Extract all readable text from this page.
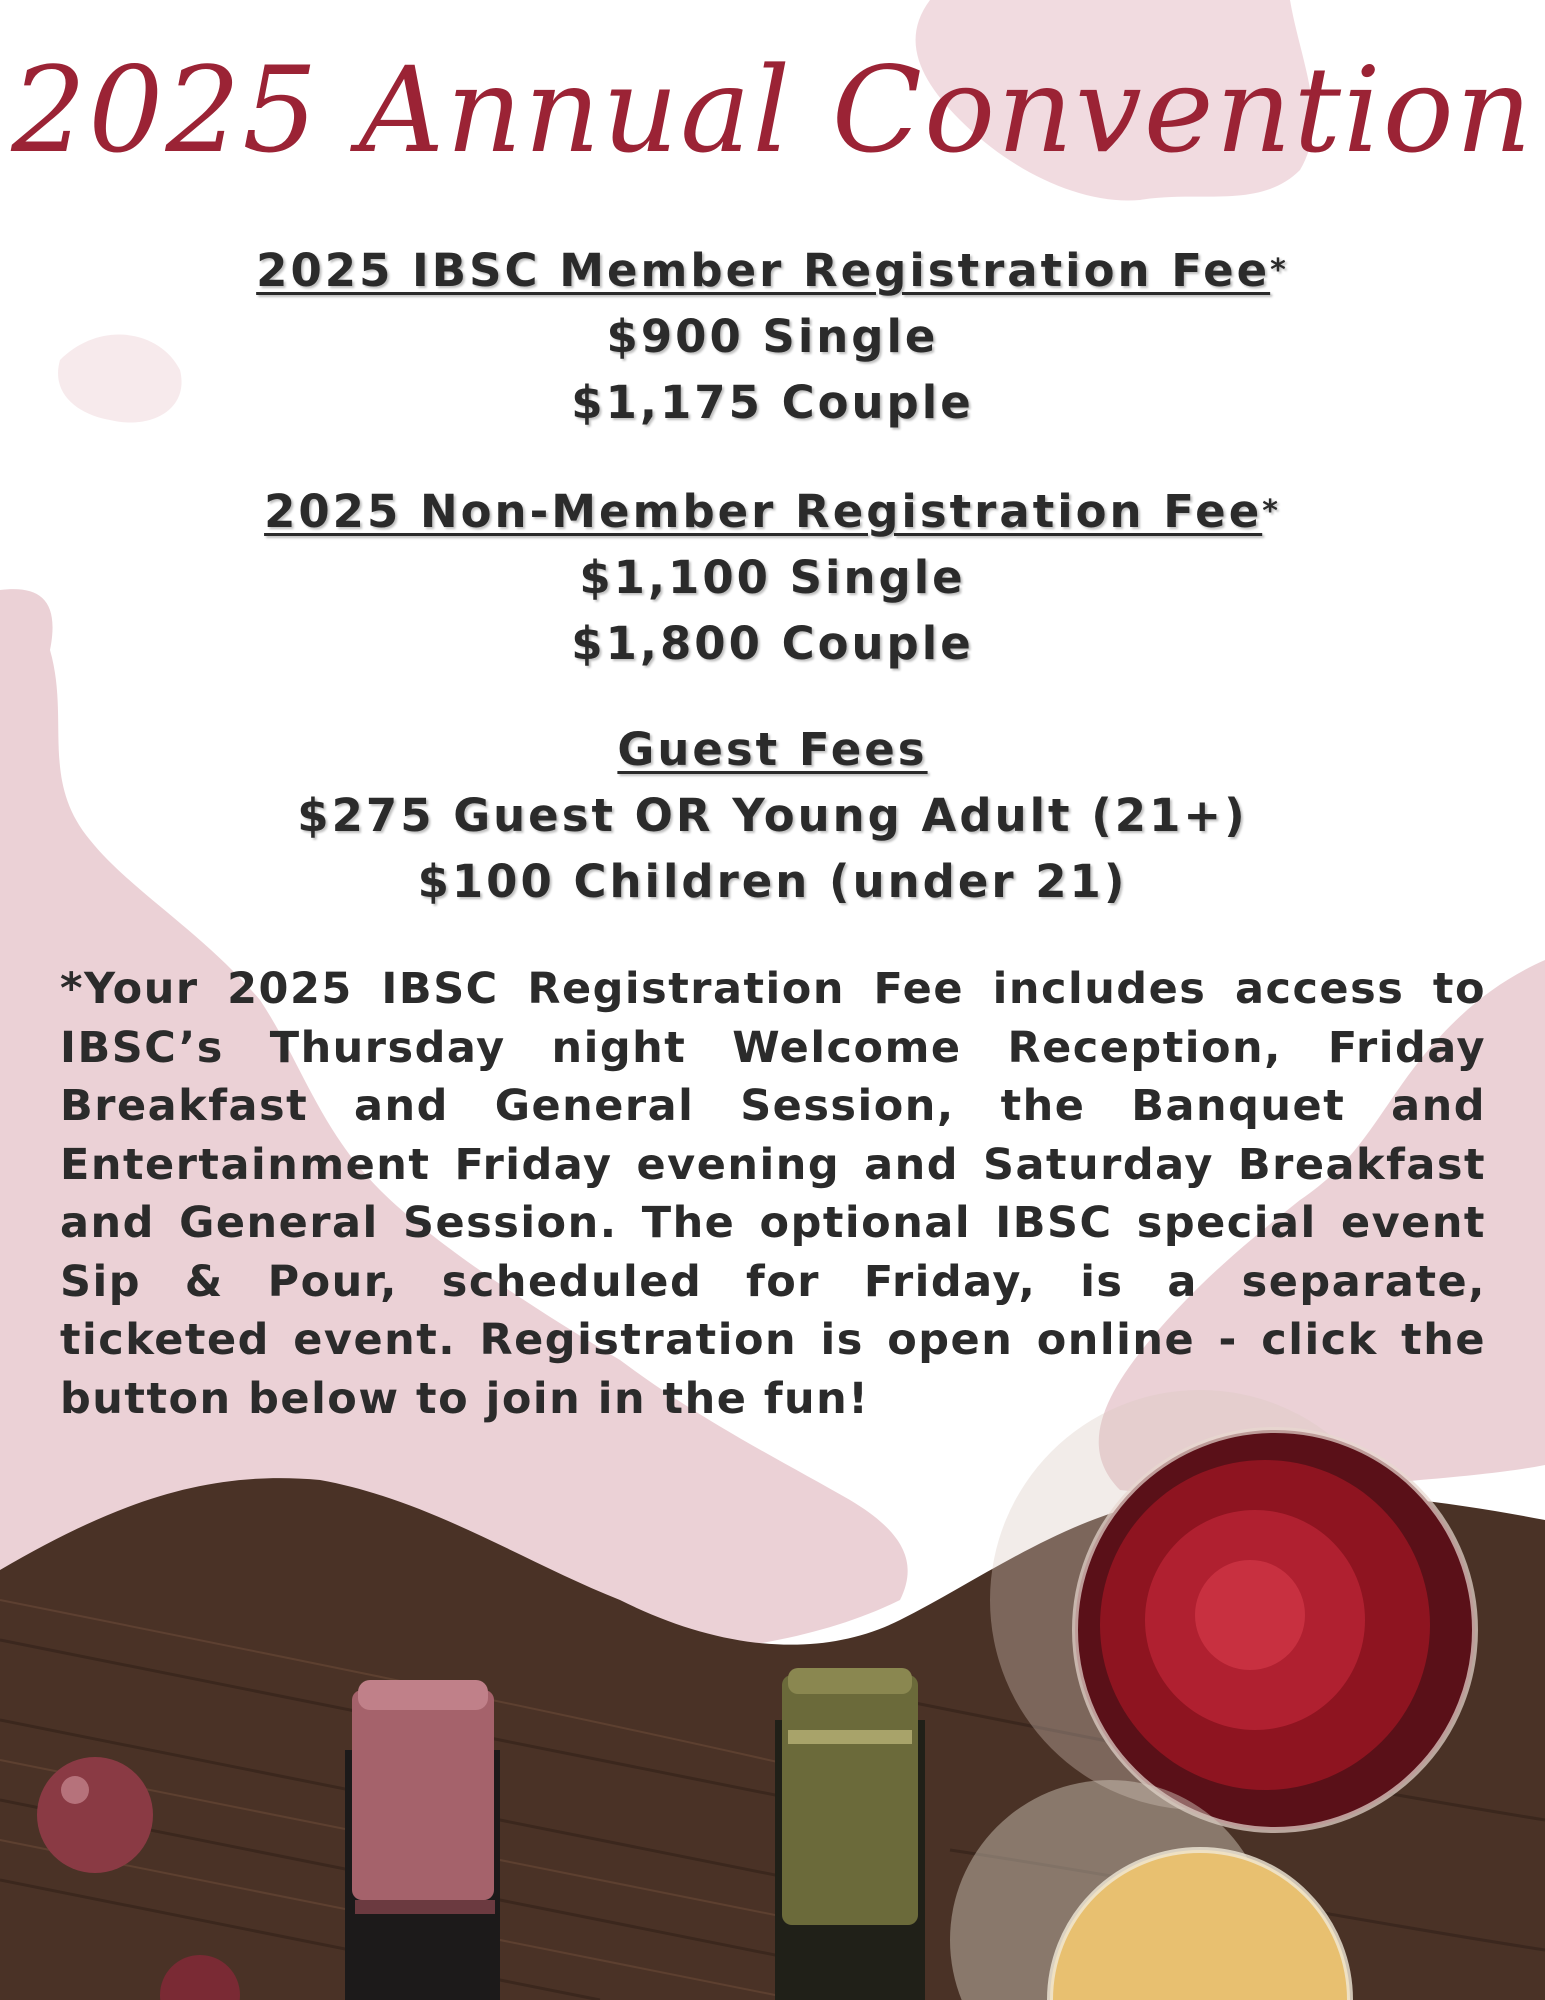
2025 Annual Convention
2025 IBSC Member Registration Fee*
$900 Single
$1,175 Couple
2025 Non-Member Registration Fee*
$1,100 Single
$1,800 Couple
Guest Fees
$275 Guest OR Young Adult (21+)
$100 Children (under 21)
*Your 2025 IBSC Registration Fee includes access to IBSC’s Thursday night Welcome Reception, Friday Breakfast and General Session, the Banquet and Entertainment Friday evening and Saturday Breakfast and General Session. The optional IBSC special event Sip & Pour, scheduled for Friday, is a separate, ticketed event. Registration is open online - click the button below to join in the fun!
